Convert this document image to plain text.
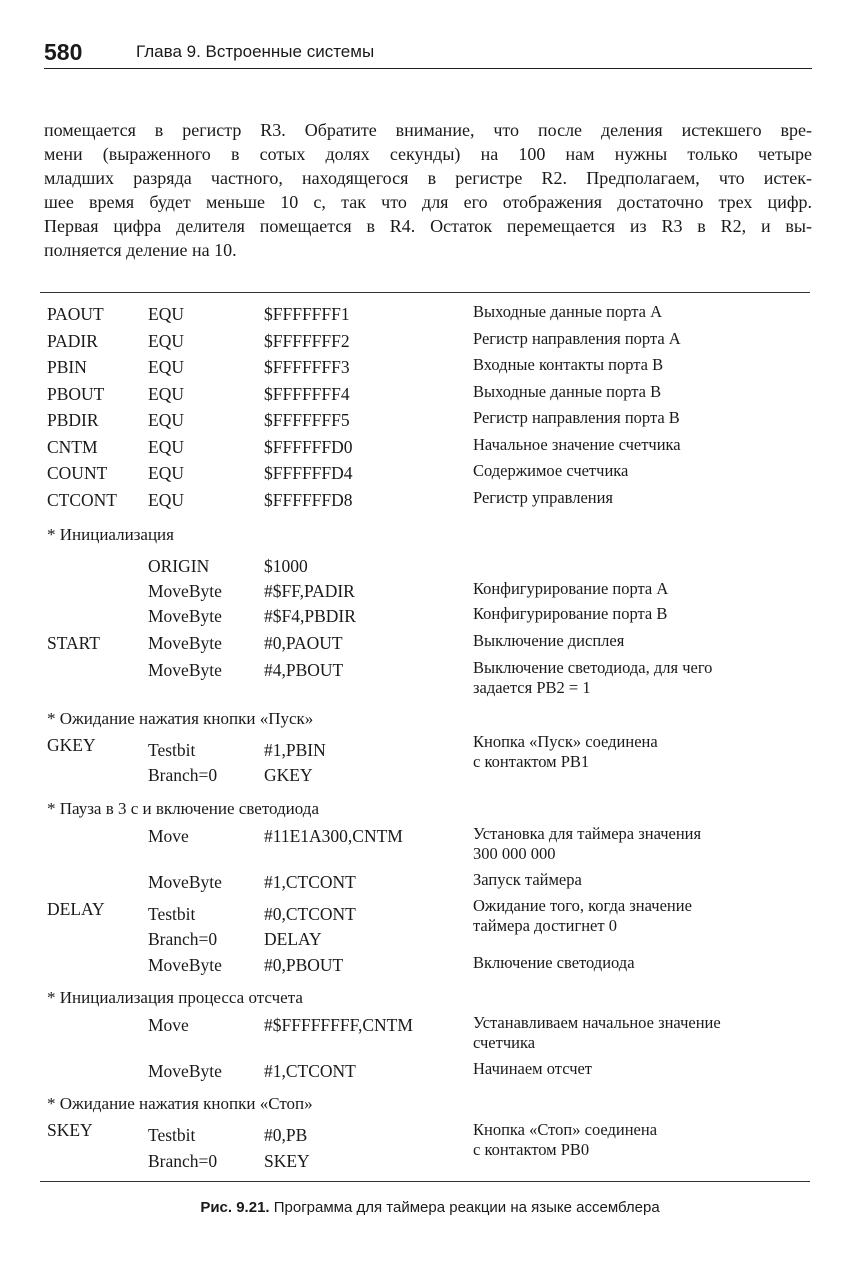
580	Глава 9. Встроенные системы

помещается в регистр R3. Обратите внимание, что после деления истекшего вре-

мени (выраженного в сотых долях секунды) на 100 нам нужны только четыре

младших разряда частного, находящегося в регистре R2. Предполагаем, что истек-

шее время будет меньше 10 с, так что для его отображения достаточно трех цифр.

Первая цифра делителя помещается в R4. Остаток перемещается из R3 в R2, и вы-

полняется деление на 10.

PAOUT	EQU	$FFFFFFF1	Выходные данные порта А
PADIR	EQU	$FFFFFFF2	Регистр направления порта А
PBIN	EQU	$FFFFFFF3	Входные контакты порта В
PBOUT EQU	$FFFFFFF4	Выходные данные порта В
PBDIR	EQU	$FFFFFFF5	Регистр направления порта В
CNTM	EQU	$FFFFFFD0	Начальное значение счетчика
COUNT EQU	$FFFFFFD4	Содержимое счетчика
CTCONT EQU	$FFFFFFD8	Регистр управления
* Инициализация
ORIGIN	$1000
MoveByte #$FF,PADIR	Конфигурирование порта А
MoveByte #$F4,PBDIR	Конфигурирование порта В
START	MoveByte #0,PAOUT	Выключение дисплея
MoveByte #4,PBOUT	Выключение светодиода, для чего
задается PB2 = 1
* Ожидание нажатия кнопки «Пуск»
GKEY	Testbit	#1,PBIN	Кнопка «Пуск» соединена
с контактом PB1
Branch=0	GKEY
* Пауза в 3 с и включение светодиода
Move	#11E1A300,CNTM	Установка для таймера значения
300 000 000
MoveByte #1,CTCONT	Запуск таймера
DELAY Testbit	#0,CTCONT	Ожидание того, когда значение
таймера достигнет 0
Branch=0	DELAY
MoveByte #0,PBOUT	Включение светодиода
* Инициализация процесса отсчета
Move	#$FFFFFFFF,CNTM	Устанавливаем начальное значение
счетчика
MoveByte #1,CTCONT	Начинаем отсчет
* Ожидание нажатия кнопки «Стоп»
SKEY	Testbit	#0,PB	Кнопка «Стоп» соединена
с контактом PB0
Branch=0	SKEY
Рис. 9.21. Программа для таймера реакции на языке ассемблера
